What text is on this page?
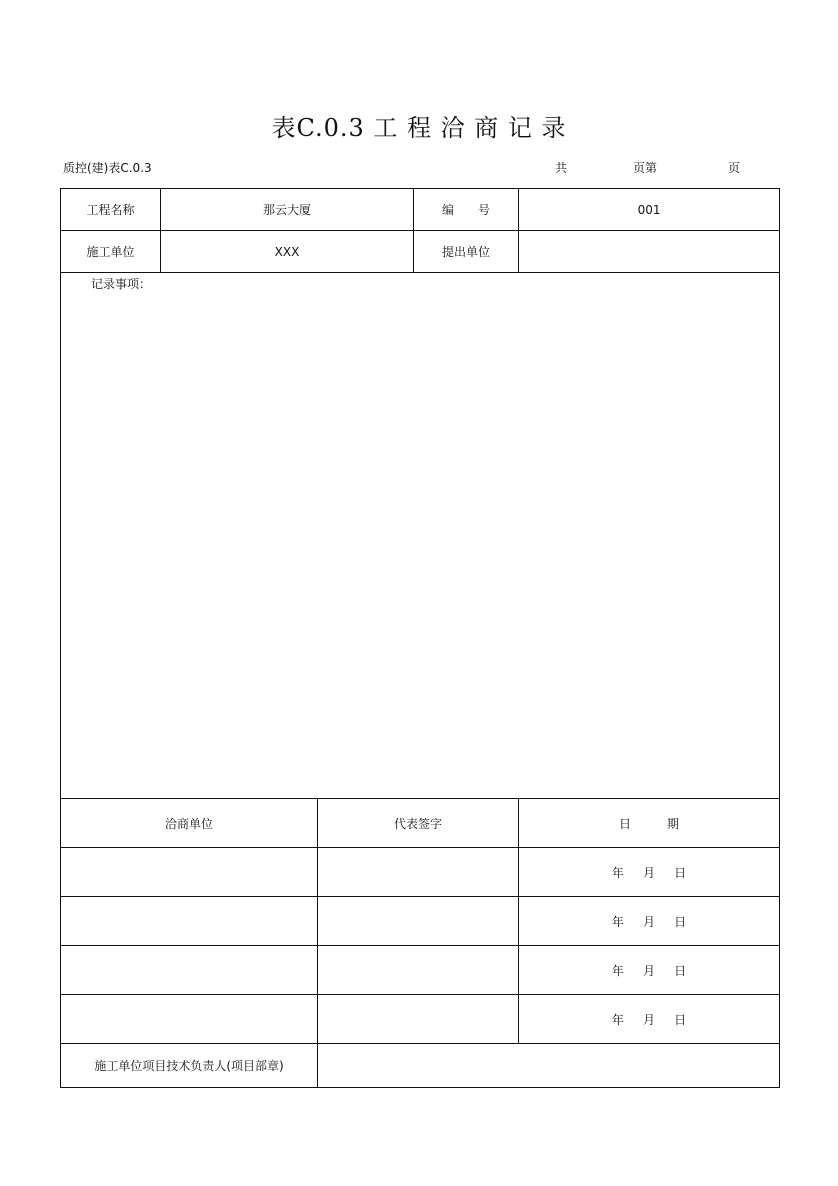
表C.0.3 工 程 洽 商 记 录
质控(建)表C.0.3	共	页第	页
工程名称	那云大厦		编　　号	001
施工单位	XXX		提出单位	

记录事项：				

洽商单位		代表签字		日　　　期
				年 月 日
				年 月 日
				年 月 日
				年 月 日
施工单位项目技术负责人(项目部章)				
